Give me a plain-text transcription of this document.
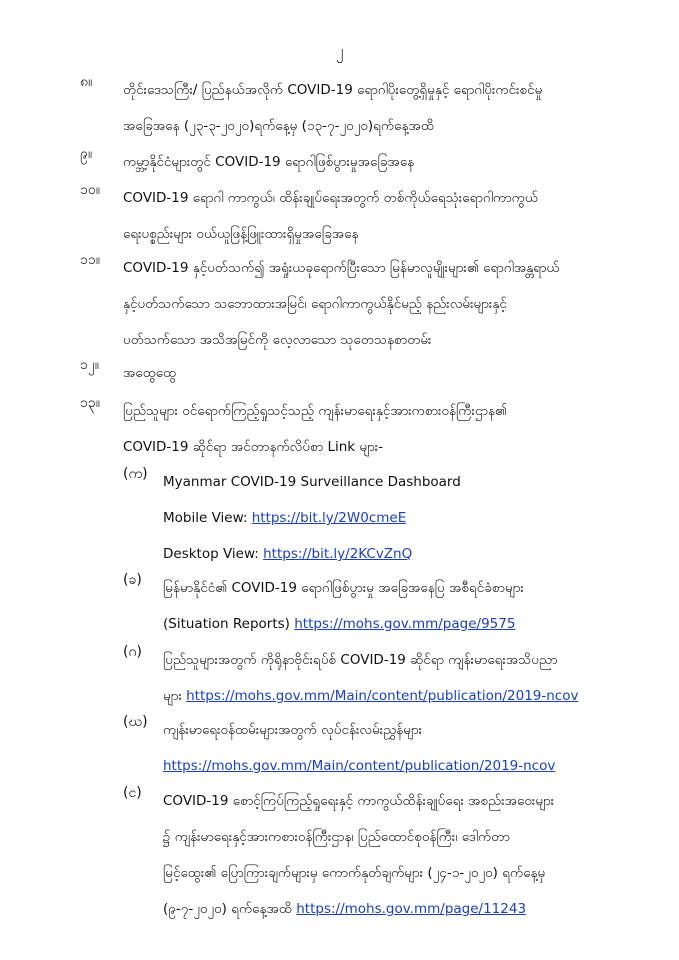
၂
၈။ တိုင်းဒေသကြီး/ ပြည်နယ်အလိုက် COVID-19 ရောဂါပိုးတွေ့ရှိမှုနှင့် ရောဂါပိုးကင်းစင်မှု
အခြေအနေ (၂၃-၃-၂၀၂၀)ရက်နေ့မှ (၁၃-၇-၂၀၂၀)ရက်နေ့အထိ
၉။ ကမ္ဘာ့နိုင်ငံများတွင် COVID-19 ရောဂါဖြစ်ပွားမှုအခြေအနေ
၁၀။ COVID-19 ရောဂါ ကာကွယ်၊ ထိန်းချုပ်ရေးအတွက် တစ်ကိုယ်ရေသုံးရောဂါကာကွယ်
ရေးပစ္စည်းများ ဝယ်ယူဖြန့်ဖြူးထားရှိမှုအခြေအနေ
၁၁။ COVID-19 နှင့်ပတ်သက်၍ အရှုံးယခုရောက်ပြီးသော မြန်မာလူမျိုးများ၏ ရောဂါအန္တရာယ်
နှင့်ပတ်သက်သော သဘောထားအမြင်၊ ရောဂါကာကွယ်နိုင်မည့် နည်းလမ်းများနှင့်
ပတ်သက်သော အသိအမြင်ကို လေ့လာသော သုတေသနစာတမ်း
၁၂။ အထွေထွေ
၁၃။ ပြည်သူများ ဝင်ရောက်ကြည့်ရှုသင့်သည့် ကျန်းမာရေးနှင့်အားကစားဝန်ကြီးဌာန၏
COVID-19 ဆိုင်ရာ အင်တာနက်လိပ်စာ Link များ-
(က) Myanmar COVID-19 Surveillance Dashboard
Mobile View: https://bit.ly/2W0cmeE
Desktop View: https://bit.ly/2KCvZnQ
(ခ) မြန်မာနိုင်ငံ၏ COVID-19 ရောဂါဖြစ်ပွားမှု အခြေအနေပြ အစီရင်ခံစာများ
(Situation Reports) https://mohs.gov.mm/page/9575
(ဂ) ပြည်သူများအတွက် ကိုရိုနာဗိုင်းရပ်စ် COVID-19 ဆိုင်ရာ ကျန်းမာရေးအသိပညာ
များ https://mohs.gov.mm/Main/content/publication/2019-ncov
(ဃ) ကျန်းမာရေးဝန်ထမ်းများအတွက် လုပ်ငန်းလမ်းညွှန်များ
https://mohs.gov.mm/Main/content/publication/2019-ncov
(င) COVID-19 စောင့်ကြပ်ကြည့်ရှုရေးနှင့် ကာကွယ်ထိန်းချုပ်ရေး အစည်းအဝေးများ
၌ ကျန်းမာရေးနှင့်အားကစားဝန်ကြီးဌာန၊ ပြည်ထောင်စုဝန်ကြီး၊ ဒေါက်တာ
မြင့်ထွေး၏ ပြောကြားချက်များမှ ကောက်နုတ်ချက်များ (၂၄-၁-၂၀၂၀) ရက်နေ့မှ
(၉-၇-၂၀၂၀) ရက်နေ့အထိ https://mohs.gov.mm/page/11243
